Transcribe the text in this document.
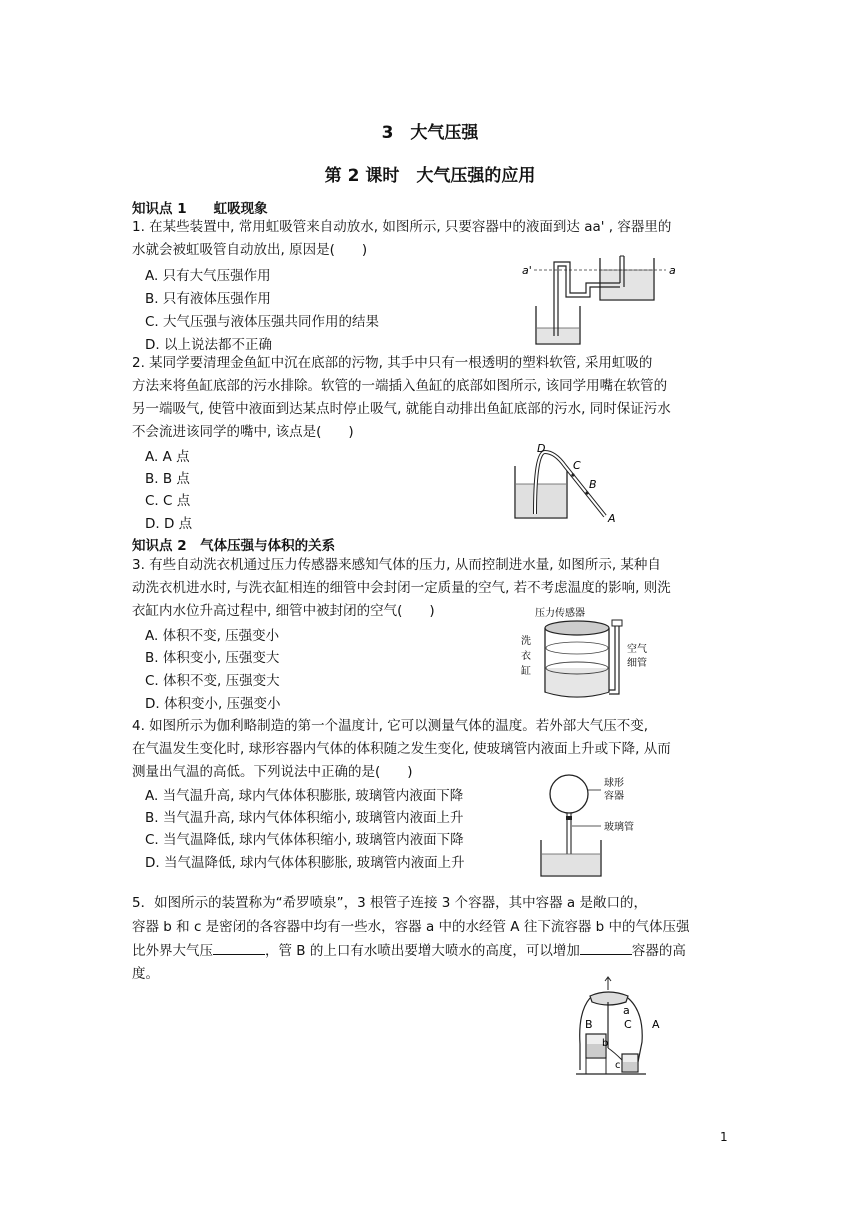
3　大气压强
第 2 课时　大气压强的应用
知识点 1　　虹吸现象
1. 在某些装置中, 常用虹吸管来自动放水, 如图所示, 只要容器中的液面到达 aa' , 容器里的
水就会被虹吸管自动放出, 原因是(　　)
A. 只有大气压强作用
B. 只有液体压强作用
C. 大气压强与液体压强共同作用的结果
D. 以上说法都不正确
a'	a
2. 某同学要清理金鱼缸中沉在底部的污物, 其手中只有一根透明的塑料软管, 采用虹吸的
方法来将鱼缸底部的污水排除。软管的一端插入鱼缸的底部如图所示, 该同学用嘴在软管的
另一端吸气, 使管中液面到达某点时停止吸气, 就能自动排出鱼缸底部的污水, 同时保证污水
不会流进该同学的嘴中, 该点是(　　)
A. A 点
B. B 点
C. C 点
D. D 点
D
C
B
A
知识点 2　气体压强与体积的关系
3. 有些自动洗衣机通过压力传感器来感知气体的压力, 从而控制进水量, 如图所示, 某种自
动洗衣机进水时, 与洗衣缸相连的细管中会封闭一定质量的空气, 若不考虑温度的影响, 则洗
衣缸内水位升高过程中, 细管中被封闭的空气(　　)
A. 体积不变, 压强变小
B. 体积变小, 压强变大
C. 体积不变, 压强变大
D. 体积变小, 压强变小
压力传感器
洗
衣
缸
空气
细管
4. 如图所示为伽利略制造的第一个温度计, 它可以测量气体的温度。若外部大气压不变,
在气温发生变化时, 球形容器内气体的体积随之发生变化, 使玻璃管内液面上升或下降, 从而
测量出气温的高低。下列说法中正确的是(　　)
A. 当气温升高, 球内气体体积膨胀, 玻璃管内液面下降
B. 当气温升高, 球内气体体积缩小, 玻璃管内液面上升
C. 当气温降低, 球内气体体积缩小, 玻璃管内液面下降
D. 当气温降低, 球内气体体积膨胀, 玻璃管内液面上升
球形
容器
玻璃管
5．如图所示的装置称为“希罗喷泉”，3 根管子连接 3 个容器，其中容器 a 是敞口的，
容器 b 和 c 是密闭的各容器中均有一些水，容器 a 中的水经管 A 往下流容器 b 中的气体压强
比外界大气压	，管 B 的上口有水喷出要增大喷水的高度，可以增加	容器的高
度。
a
B	C A
b
c
1
